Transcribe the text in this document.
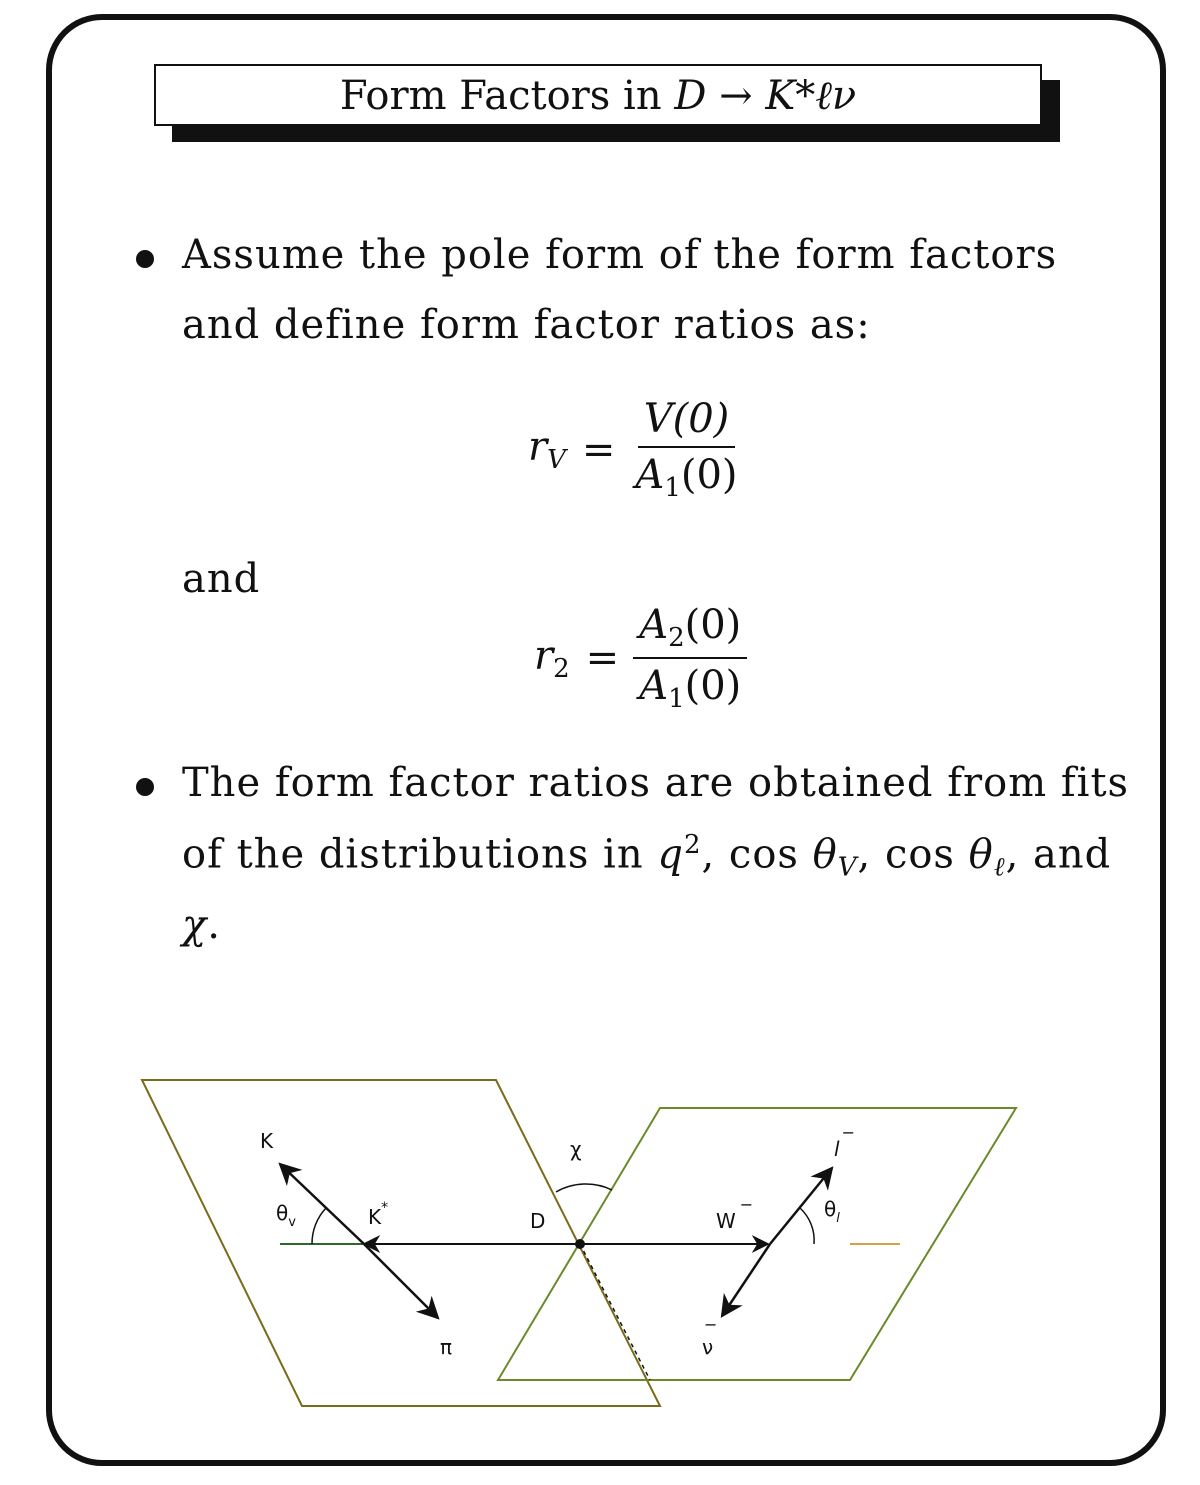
Form Factors in D → K*ℓν
Assume the pole form of the form factors
and define form factor ratios as:
$r_V = \frac{V(0)}{A_1(0)}$
and
$r_2 = \frac{A_2(0)}{A_1(0)}$
The form factor ratios are obtained from fits
of the distributions in $q^2$, $\cos \theta_V$, $\cos \theta_\ell$, and
χ.
K
K*
$\theta_v$
π
χ
D	W−
l−
$\theta_l$
−
ν
